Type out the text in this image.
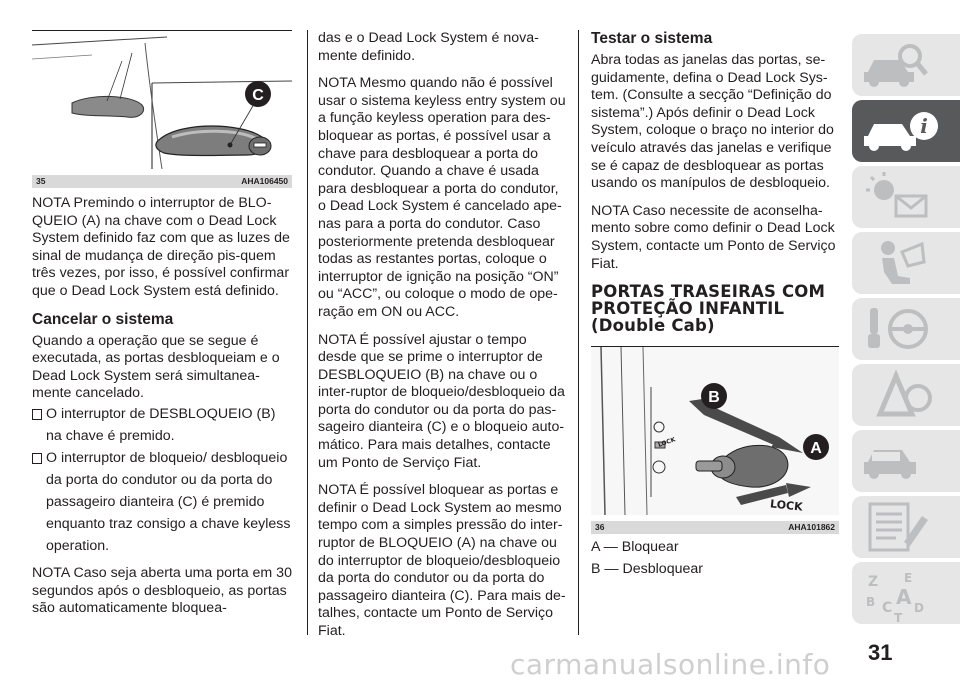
C
35	AHA106450

NOTA Premindo o interruptor de BLO-QUEIO (A) na chave com o Dead Lock System definido faz com que as luzes de sinal de mudança de direção pis-quem três vezes, por isso, é possível confirmar que o Dead Lock System está definido.

Cancelar o sistema

Quando a operação que se segue é executada, as portas desbloqueiam e o Dead Lock System será simultanea-mente cancelado.

O interruptor de DESBLOQUEIO (B) na chave é premido.
O interruptor de bloqueio/ desbloqueio da porta do condutor ou da porta do passageiro dianteira (C) é premido enquanto traz consigo a chave keyless operation.

NOTA Caso seja aberta uma porta em 30 segundos após o desbloqueio, as portas são automaticamente bloquea-

das e o Dead Lock System é nova-mente definido.

NOTA Mesmo quando não é possível usar o sistema keyless entry system ou a função keyless operation para des-bloquear as portas, é possível usar a chave para desbloquear a porta do condutor. Quando a chave é usada para desbloquear a porta do condutor, o Dead Lock System é cancelado ape-nas para a porta do condutor. Caso posteriormente pretenda desbloquear todas as restantes portas, coloque o interruptor de ignição na posição “ON” ou “ACC”, ou coloque o modo de ope-ração em ON ou ACC.

NOTA É possível ajustar o tempo desde que se prime o interruptor de DESBLOQUEIO (B) na chave ou o inter-ruptor de bloqueio/desbloqueio da porta do condutor ou da porta do pas-sageiro dianteira (C) e o bloqueio auto-mático. Para mais detalhes, contacte um Ponto de Serviço Fiat.

NOTA É possível bloquear as portas e definir o Dead Lock System ao mesmo tempo com a simples pressão do inter-ruptor de BLOQUEIO (A) na chave ou do interruptor de bloqueio/desbloqueio da porta do condutor ou da porta do passageiro dianteira (C). Para mais de-talhes, contacte um Ponto de Serviço Fiat.

Testar o sistema

Abra todas as janelas das portas, se-guidamente, defina o Dead Lock Sys-tem. (Consulte a secção “Definição do sistema”.) Após definir o Dead Lock System, coloque o braço no interior do veículo através das janelas e verifique se é capaz de desbloquear as portas usando os manípulos de desbloqueio.

NOTA Caso necessite de aconselha-mento sobre como definir o Dead Lock System, contacte um Ponto de Serviço Fiat.

PORTAS TRASEIRAS COM PROTEÇÃO INFANTIL (Double Cab)
B
A
LOCK
LOCK
36	AHA101862

A — Bloquear

B — Desbloquear

i
Z E
B C A D
T
31
carmanualsonline.info
